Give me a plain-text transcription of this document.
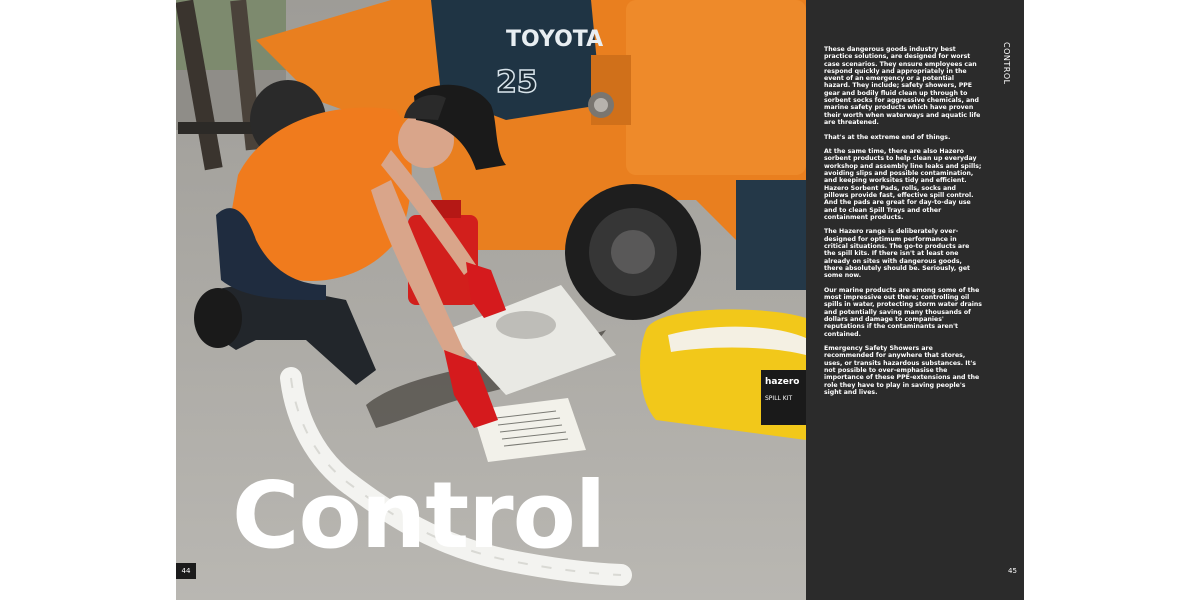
TOYOTA
25
hazero
SPILL KIT
Control
44

These dangerous goods industry best practice solutions, are designed for worst case scenarios. They ensure employees can respond quickly and appropriately in the event of an emergency or a potential hazard. They include; safety showers, PPE gear and bodily fluid clean up through to sorbent socks for aggressive chemicals, and marine safety products which have proven their worth when waterways and aquatic life are threatened.

That's at the extreme end of things.

At the same time, there are also Hazero sorbent products to help clean up everyday workshop and assembly line leaks and spills; avoiding slips and possible contamination, and keeping worksites tidy and efficient. Hazero Sorbent Pads, rolls, socks and pillows provide fast, effective spill control. And the pads are great for day-to-day use and to clean Spill Trays and other containment products.

The Hazero range is deliberately over-designed for optimum performance in critical situations. The go-to products are the spill kits. If there isn't at least one already on sites with dangerous goods, there absolutely should be. Seriously, get some now.

Our marine products are among some of the most impressive out there; controlling oil spills in water, protecting storm water drains and potentially saving many thousands of dollars and damage to companies' reputations if the contaminants aren't contained.

Emergency Safety Showers are recommended for anywhere that stores, uses, or transits hazardous substances. It's not possible to over-emphasise the importance of these PPE-extensions and the role they have to play in saving people's sight and lives.

CONTROL
45
